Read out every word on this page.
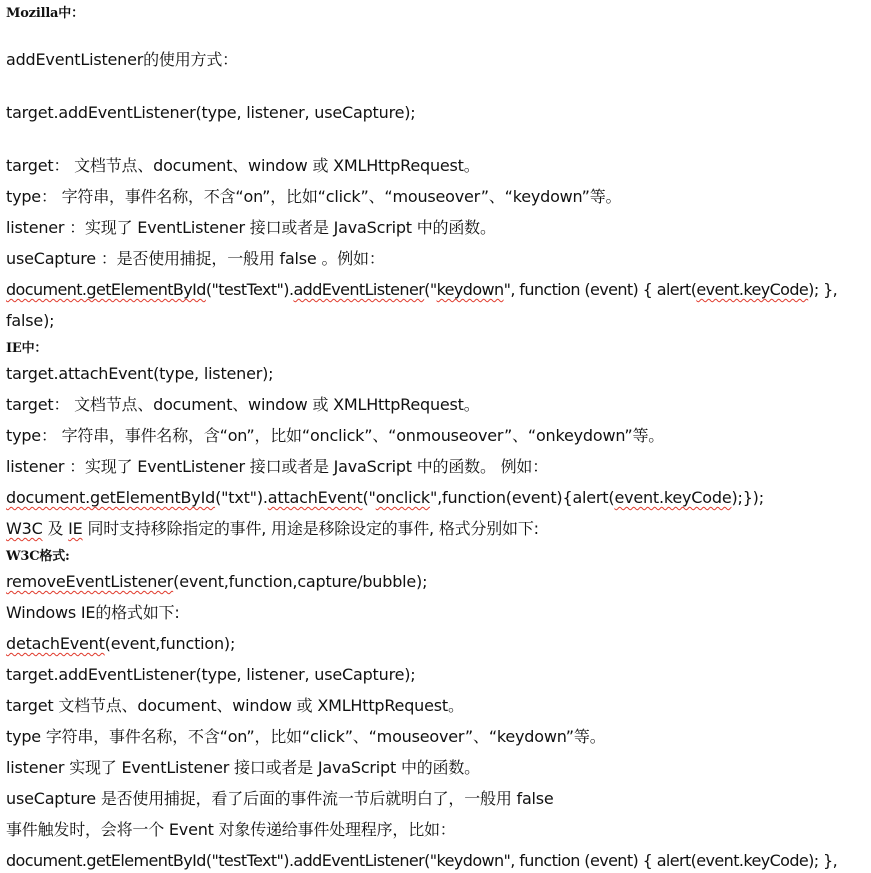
Mozilla中：
addEventListener的使用方式：
target.addEventListener(type, listener, useCapture);
target： 文档节点、document、window 或 XMLHttpRequest。
type： 字符串，事件名称，不含“on”，比如“click”、“mouseover”、“keydown”等。
listener ：实现了 EventListener 接口或者是 JavaScript 中的函数。
useCapture ：是否使用捕捉，一般用 false 。例如：
document.getElementById("testText").addEventListener("keydown", function (event) { alert(event.keyCode); },
false);
IE中：
target.attachEvent(type, listener);
target： 文档节点、document、window 或 XMLHttpRequest。
type： 字符串，事件名称，含“on”，比如“onclick”、“onmouseover”、“onkeydown”等。
listener ：实现了 EventListener 接口或者是 JavaScript 中的函数。 例如：
document.getElementById("txt").attachEvent("onclick",function(event){alert(event.keyCode);});
W3C 及 IE 同时支持移除指定的事件, 用途是移除设定的事件, 格式分别如下:
W3C格式:
removeEventListener(event,function,capture/bubble);
Windows IE的格式如下:
detachEvent(event,function);
target.addEventListener(type, listener, useCapture);
target 文档节点、document、window 或 XMLHttpRequest。
type 字符串，事件名称，不含“on”，比如“click”、“mouseover”、“keydown”等。
listener 实现了 EventListener 接口或者是 JavaScript 中的函数。
useCapture 是否使用捕捉，看了后面的事件流一节后就明白了，一般用 false
事件触发时，会将一个 Event 对象传递给事件处理程序，比如：
document.getElementById("testText").addEventListener("keydown", function (event) { alert(event.keyCode); },
